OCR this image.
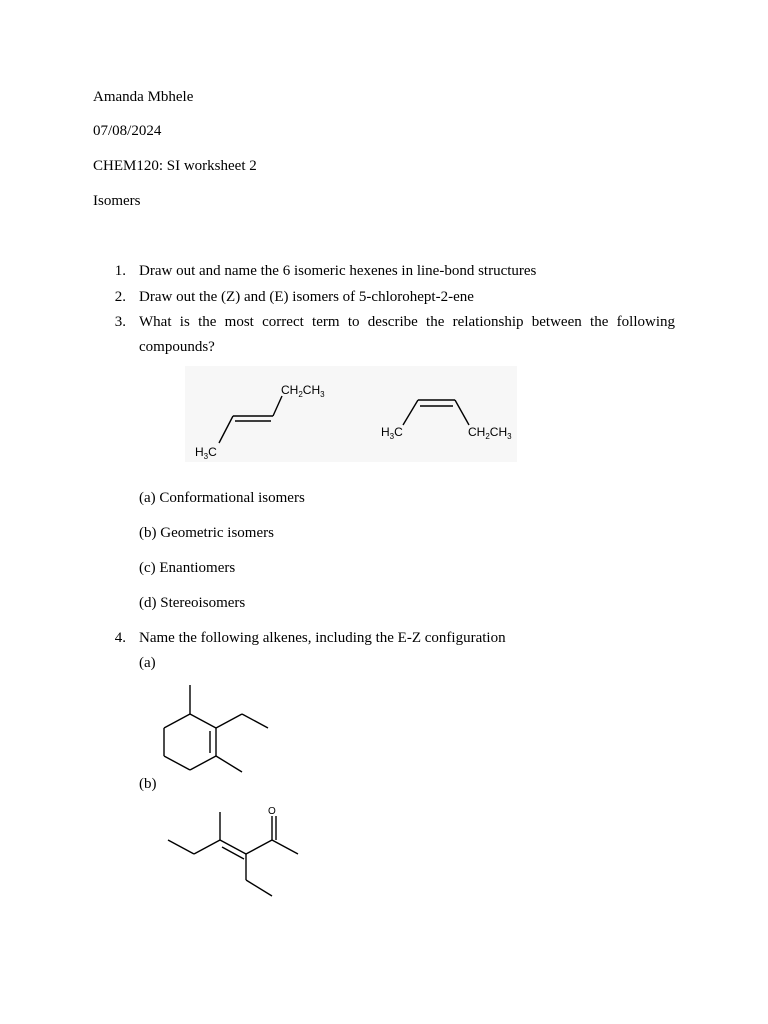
Amanda Mbhele
07/08/2024
CHEM120: SI worksheet 2
Isomers
1. Draw out and name the 6 isomeric hexenes in line-bond structures
2. Draw out the (Z) and (E) isomers of 5-chlorohept-2-ene
3. What is the most correct term to describe the relationship between the following
compounds?
$CH_2CH_3$
$H_3C$
$H_3C$	$CH_2CH_3$
(a) Conformational isomers
(b) Geometric isomers
(c) Enantiomers
(d) Stereoisomers
4. Name the following alkenes, including the E-Z configuration
(a)
(b)
O
